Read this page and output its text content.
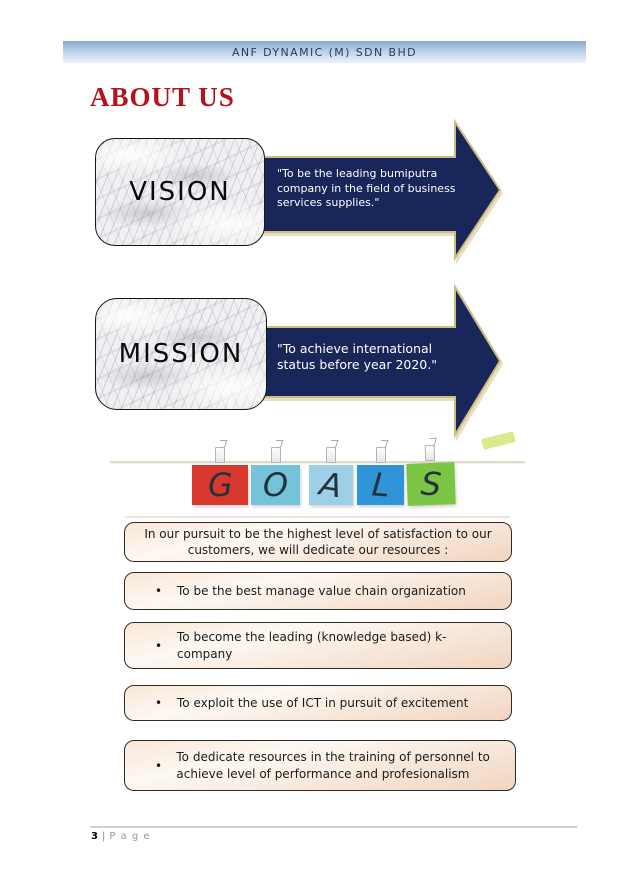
ANF DYNAMIC (M) SDN BHD
ABOUT US
VISION
"To be the leading bumiputra company in the field of business services supplies."
MISSION	"To achieve international status before year 2020."
G O A L S

In our pursuit to be the highest level of satisfaction to our customers, we will dedicate our resources :

•	To be the best manage value chain organization
•
To become the leading (knowledge based) k-company
•	To exploit the use of ICT in pursuit of excitement
•
To dedicate resources in the training of personnel to achieve level of performance and profesionalism
3 | P a g e
